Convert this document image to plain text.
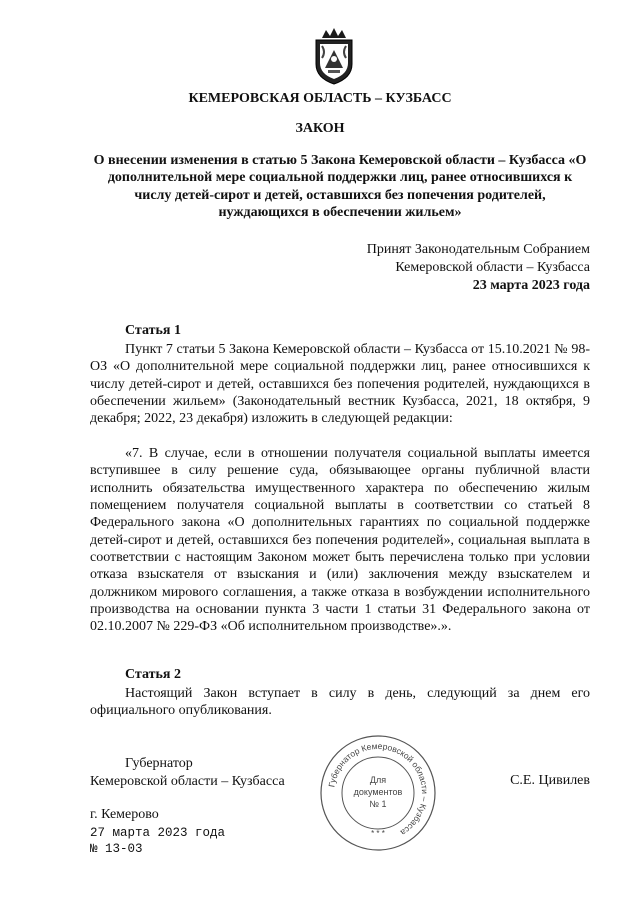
КЕМЕРОВСКАЯ ОБЛАСТЬ – КУЗБАСС
ЗАКОН
О внесении изменения в статью 5 Закона Кемеровской области – Кузбасса «О дополнительной мере социальной поддержки лиц, ранее относившихся к числу детей-сирот и детей, оставшихся без попечения родителей, нуждающихся в обеспечении жильем»
Принят Законодательным Собранием
Кемеровской области – Кузбасса
23 марта 2023 года
Статья 1

Пункт 7 статьи 5 Закона Кемеровской области – Кузбасса от 15.10.2021 № 98-ОЗ «О дополнительной мере социальной поддержки лиц, ранее относившихся к числу детей-сирот и детей, оставшихся без попечения родителей, нуждающихся в обеспечении жильем» (Законодательный вестник Кузбасса, 2021, 18 октября, 9 декабря; 2022, 23 декабря) изложить в следующей редакции:

«7. В случае, если в отношении получателя социальной выплаты имеется вступившее в силу решение суда, обязывающее органы публичной власти исполнить обязательства имущественного характера по обеспечению жилым помещением получателя социальной выплаты в соответствии со статьей 8 Федерального закона «О дополнительных гарантиях по социальной поддержке детей-сирот и детей, оставшихся без попечения родителей», социальная выплата в соответствии с настоящим Законом может быть перечислена только при условии отказа взыскателя от взыскания и (или) заключения между взыскателем и должником мирового соглашения, а также отказа в возбуждении исполнительного производства на основании пункта 3 части 1 статьи 31 Федерального закона от 02.10.2007 № 229-ФЗ «Об исполнительном производстве».».

Статья 2

Настоящий Закон вступает в силу в день, следующий за днем его официального опубликования.

Губернатор
Кемеровской области – Кузбасса	С.Е. Цивилев
Губернатор Кемеровской области – Кузбасса
Для
документов
№ 1
* * *
г. Кемерово
27 марта 2023 года
№ 13-03
